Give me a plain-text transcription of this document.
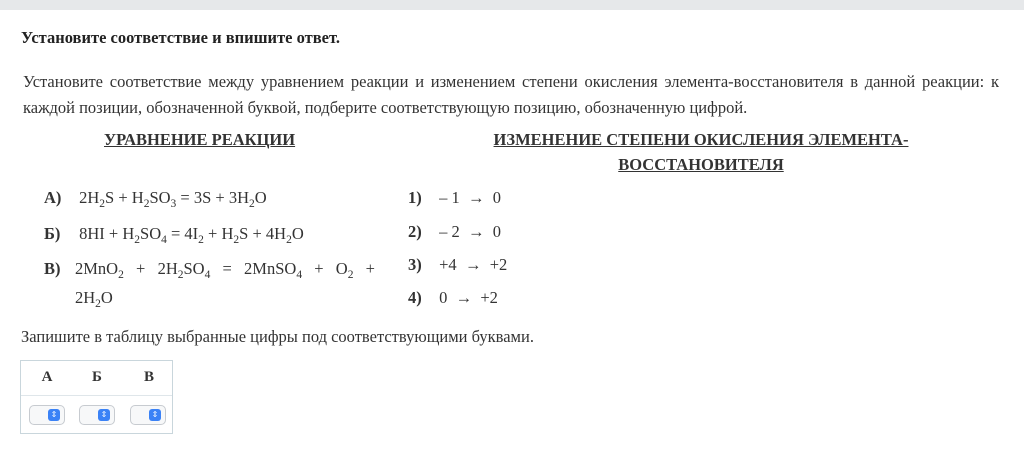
Установите соответствие и впишите ответ.
Установите соответствие между уравнением реакции и изменением степени окисления элемента-восстановителя в данной реакции: к каждой позиции, обозначенной буквой, подберите соответствующую позицию, обозначенную цифрой.
УРАВНЕНИЕ РЕАКЦИИ	ИЗМЕНЕНИЕ СТЕПЕНИ ОКИСЛЕНИЯ ЭЛЕМЕНТА-
ВОССТАНОВИТЕЛЯ
А) $2H_2S + H_2SO_3 = 3S + 3H_2O$
Б) $8HI + H_2SO_4 = 4I_2 + H_2S + 4H_2O$
В) $2MnO_2 + 2H_2SO_4$ = 2MnSO$_4$ + $O_2$ +
$2H_2O$
1) – 1 → 0
2) – 2 → 0
3) +4 → +2
4) 0 → +2
Запишите в таблицу выбранные цифры под соответствующими буквами.
А	Б	В
⇕	⇕	⇕
